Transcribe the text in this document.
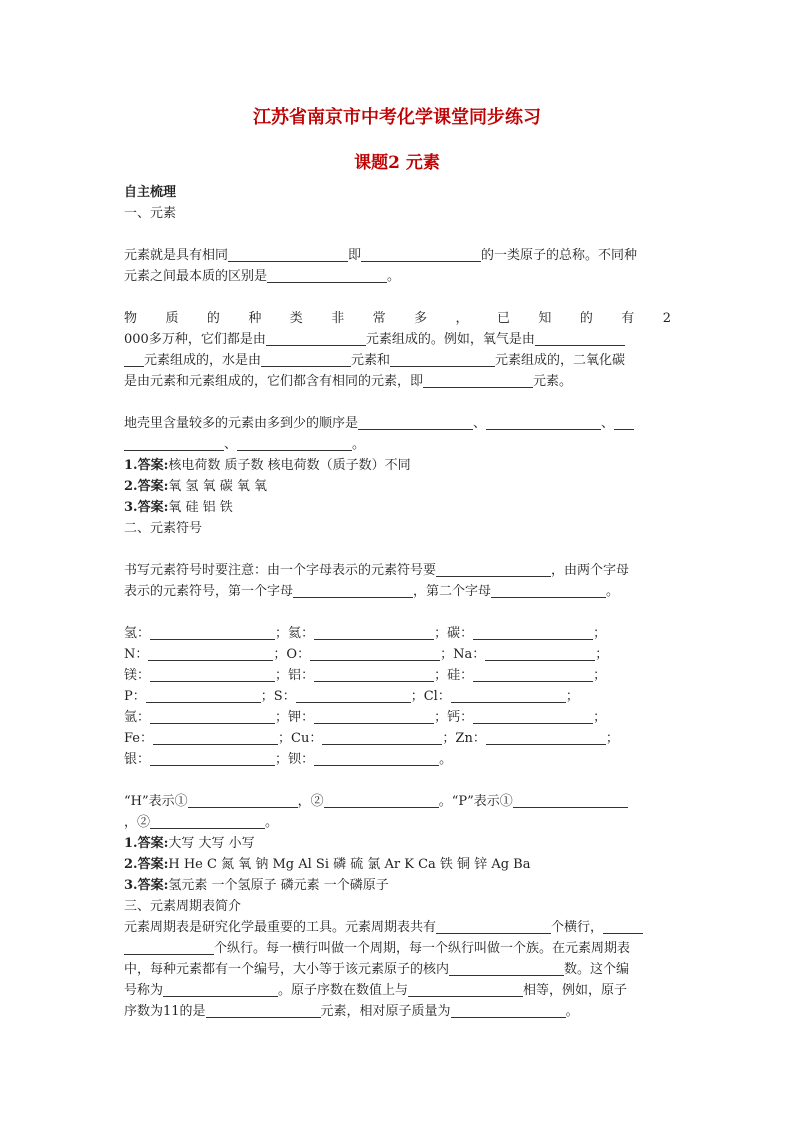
江苏省南京市中考化学课堂同步练习
课题2 元素
自主梳理
一、元素
元素就是具有相同	即	的一类原子的总称。不同种
元素之间最本质的区别是	。
物质的种类非常多，已知的有2
000多万种，它们都是由	元素组成的。例如，氧气是由
元素组成的，水是由	元素和	元素组成的，二氧化碳
是由元素和元素组成的，它们都含有相同的元素，即	元素。
地壳里含量较多的元素由多到少的顺序是	、	、
、	。
1.答案:核电荷数 质子数 核电荷数（质子数）不同
2.答案:氧 氢 氧 碳 氧 氧
3.答案:氧 硅 铝 铁
二、元素符号
书写元素符号时要注意：由一个字母表示的元素符号要	，由两个字母
表示的元素符号，第一个字母	，第二个字母	。
氢：	；氦：	；碳：	；
N：	；O：	；Na：	；
镁：	；铝：	；硅：	；
P：	；S：	；Cl：	；
氩：	；钾：	；钙：	；
Fe：	；Cu：	；Zn：	；
银：	；钡：	。
“H”表示①	，②	。“P”表示①
，②	。
1.答案:大写 大写 小写
2.答案:H He C 氮 氧 钠 Mg Al Si 磷 硫 氯 Ar K Ca 铁 铜 锌 Ag Ba
3.答案:氢元素 一个氢原子 磷元素 一个磷原子
三、元素周期表简介
元素周期表是研究化学最重要的工具。元素周期表共有	个横行，
个纵行。每一横行叫做一个周期，每一个纵行叫做一个族。在元素周期表
中，每种元素都有一个编号，大小等于该元素原子的核内	数。这个编
号称为	。原子序数在数值上与	相等，例如，原子
序数为11的是	元素，相对原子质量为	。
